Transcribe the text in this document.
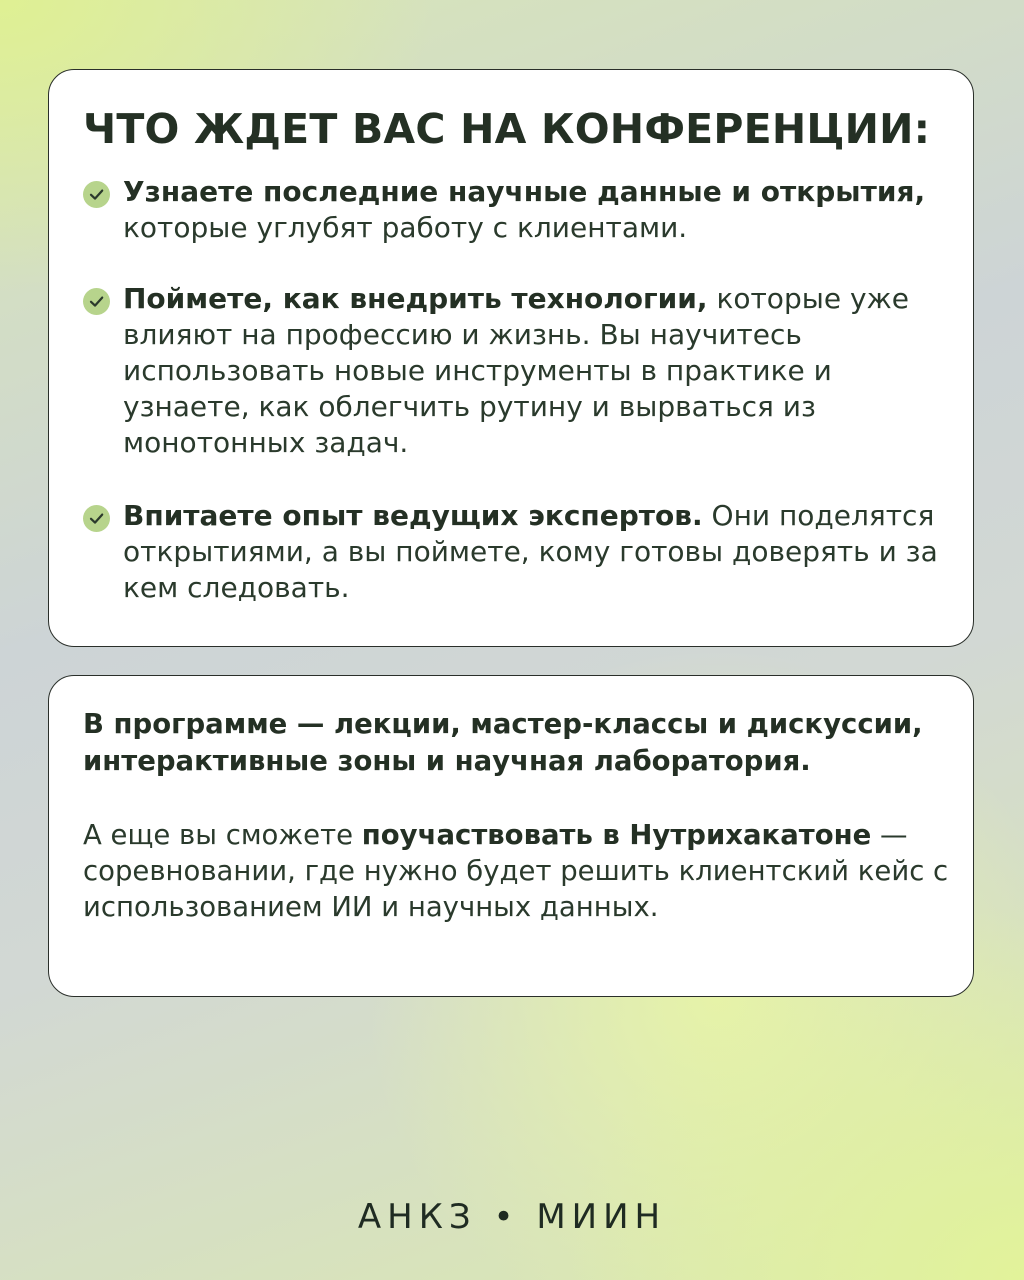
ЧТО ЖДЕТ ВАС НА КОНФЕРЕНЦИИ:
Узнаете последние научные данные и открытия, которые углубят работу с клиентами.
Поймете, как внедрить технологии, которые уже влияют на профессию и жизнь. Вы научитесь использовать новые инструменты в практике и узнаете, как облегчить рутину и вырваться из монотонных задач.
Впитаете опыт ведущих экспертов. Они поделятся открытиями, а вы поймете, кому готовы доверять и за кем следовать.

В программе — лекции, мастер-классы и дискуссии, интерактивные зоны и научная лаборатория.

А еще вы сможете поучаствовать в Нутрихакатоне — соревновании, где нужно будет решить клиентский кейс с использованием ИИ и научных данных.

АНКЗ • МИИН
